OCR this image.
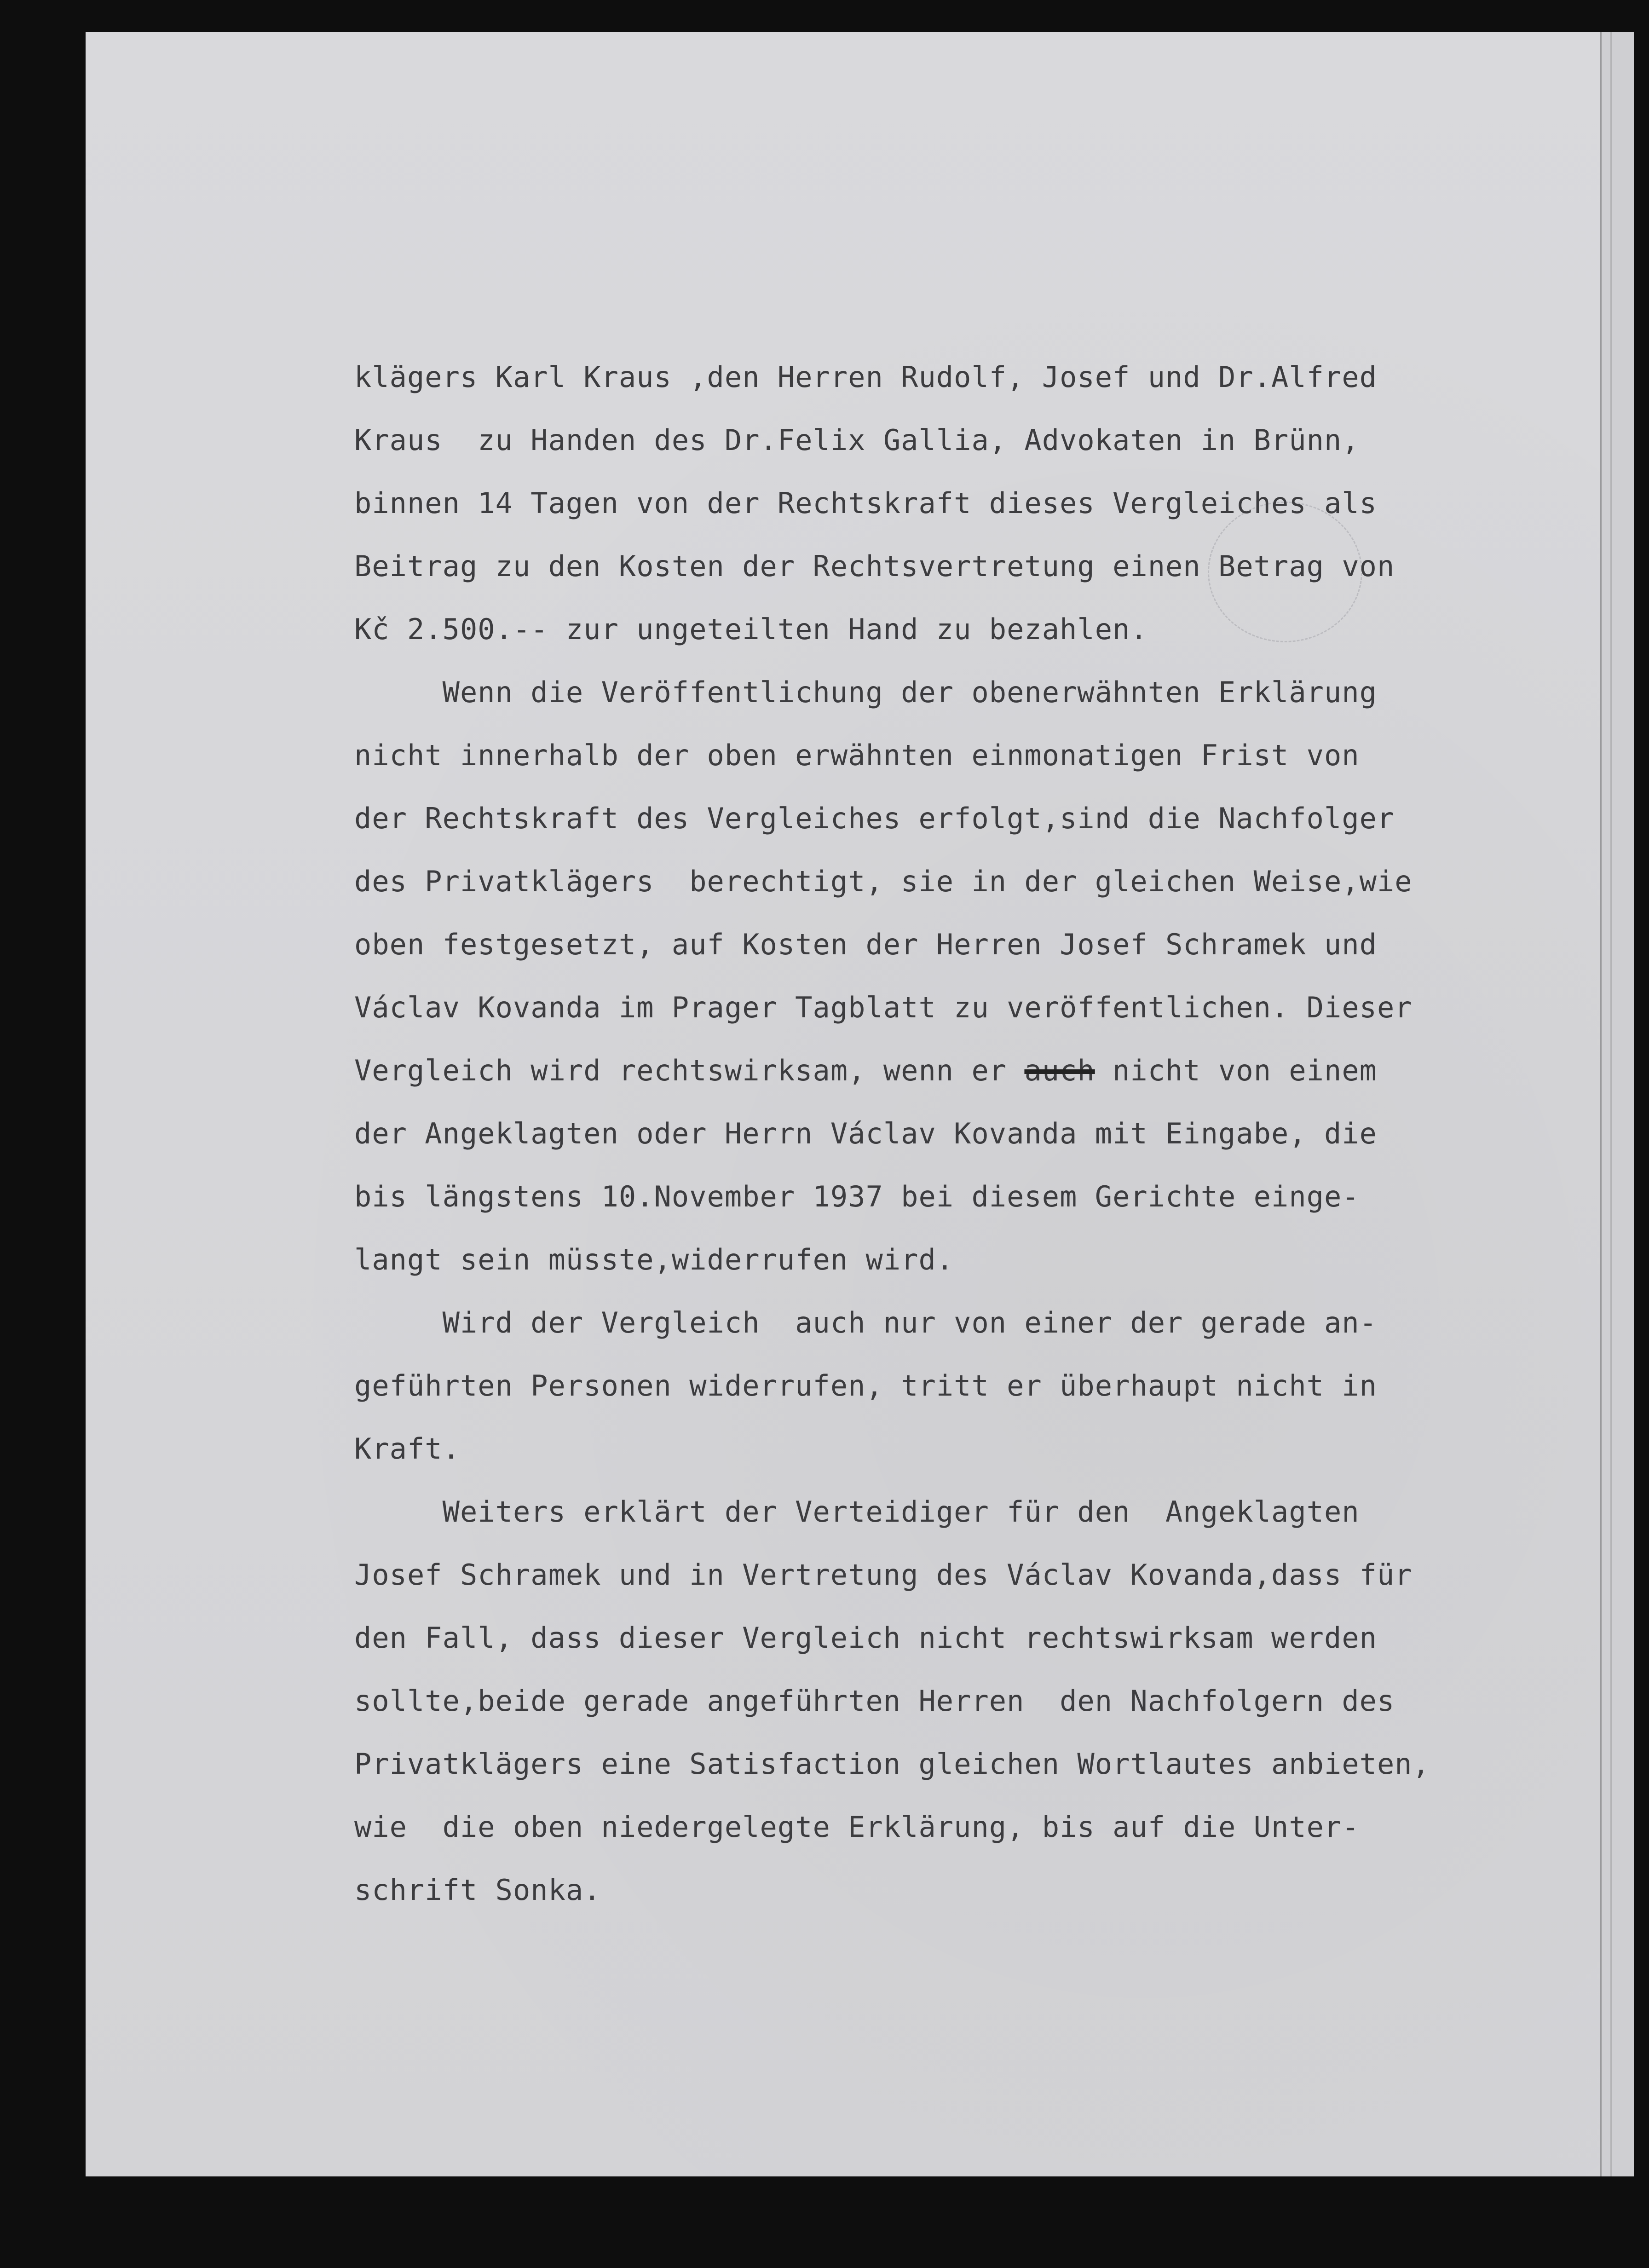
klägers Karl Kraus ,den Herren Rudolf, Josef und Dr.Alfred
Kraus  zu Handen des Dr.Felix Gallia, Advokaten in Brünn,
binnen 14 Tagen von der Rechtskraft dieses Vergleiches als
Beitrag zu den Kosten der Rechtsvertretung einen Betrag von
Kč 2.500.-- zur ungeteilten Hand zu bezahlen.
Wenn die Veröffentlichung der obenerwähnten Erklärung
nicht innerhalb der oben erwähnten einmonatigen Frist von
der Rechtskraft des Vergleiches erfolgt,sind die Nachfolger
des Privatklägers  berechtigt, sie in der gleichen Weise,wie
oben festgesetzt, auf Kosten der Herren Josef Schramek und
Václav Kovanda im Prager Tagblatt zu veröffentlichen. Dieser
Vergleich wird rechtswirksam, wenn er auch nicht von einem
der Angeklagten oder Herrn Václav Kovanda mit Eingabe, die
bis längstens 10.November 1937 bei diesem Gerichte einge-
langt sein müsste,widerrufen wird.
Wird der Vergleich  auch nur von einer der gerade an-
geführten Personen widerrufen, tritt er überhaupt nicht in
Kraft.
Weiters erklärt der Verteidiger für den  Angeklagten
Josef Schramek und in Vertretung des Václav Kovanda,dass für
den Fall, dass dieser Vergleich nicht rechtswirksam werden
sollte,beide gerade angeführten Herren  den Nachfolgern des
Privatklägers eine Satisfaction gleichen Wortlautes anbieten,
wie  die oben niedergelegte Erklärung, bis auf die Unter-
schrift Sonka.
